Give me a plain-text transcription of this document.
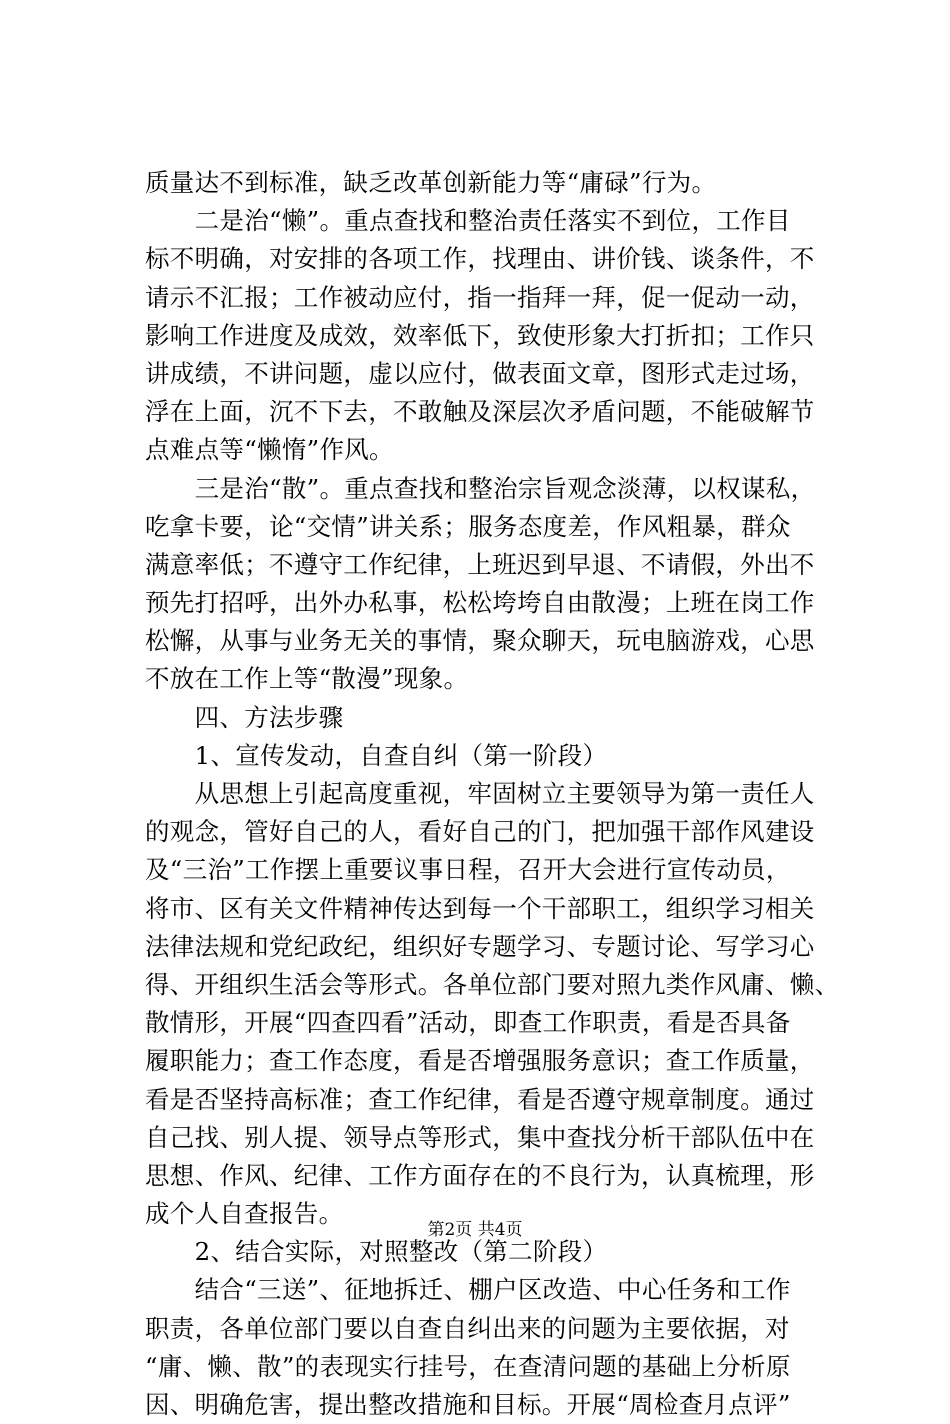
质量达不到标准，缺乏改革创新能力等“庸碌”行为。
　　二是治“懒”。重点查找和整治责任落实不到位，工作目
标不明确，对安排的各项工作，找理由、讲价钱、谈条件，不
请示不汇报；工作被动应付，指一指拜一拜，促一促动一动，
影响工作进度及成效，效率低下，致使形象大打折扣；工作只
讲成绩，不讲问题，虚以应付，做表面文章，图形式走过场，
浮在上面，沉不下去，不敢触及深层次矛盾问题，不能破解节
点难点等“懒惰”作风。
　　三是治“散”。重点查找和整治宗旨观念淡薄，以权谋私，
吃拿卡要，论“交情”讲关系；服务态度差，作风粗暴，群众
满意率低；不遵守工作纪律，上班迟到早退、不请假，外出不
预先打招呼，出外办私事，松松垮垮自由散漫；上班在岗工作
松懈，从事与业务无关的事情，聚众聊天，玩电脑游戏，心思
不放在工作上等“散漫”现象。
　　四、方法步骤
　　1、宣传发动，自查自纠（第一阶段）
　　从思想上引起高度重视，牢固树立主要领导为第一责任人
的观念，管好自己的人，看好自己的门，把加强干部作风建设
及“三治”工作摆上重要议事日程，召开大会进行宣传动员，
将市、区有关文件精神传达到每一个干部职工，组织学习相关
法律法规和党纪政纪，组织好专题学习、专题讨论、写学习心
得、开组织生活会等形式。各单位部门要对照九类作风庸、懒、
散情形，开展“四查四看”活动，即查工作职责，看是否具备
履职能力；查工作态度，看是否增强服务意识；查工作质量，
看是否坚持高标准；查工作纪律，看是否遵守规章制度。通过
自己找、别人提、领导点等形式，集中查找分析干部队伍中在
思想、作风、纪律、工作方面存在的不良行为，认真梳理，形
成个人自查报告。
　　2、结合实际，对照整改（第二阶段）
　　结合“三送”、征地拆迁、棚户区改造、中心任务和工作
职责，各单位部门要以自查自纠出来的问题为主要依据，对
“庸、懒、散”的表现实行挂号，在查清问题的基础上分析原
因、明确危害，提出整改措施和目标。开展“周检查月点评”
第2页 共4页
